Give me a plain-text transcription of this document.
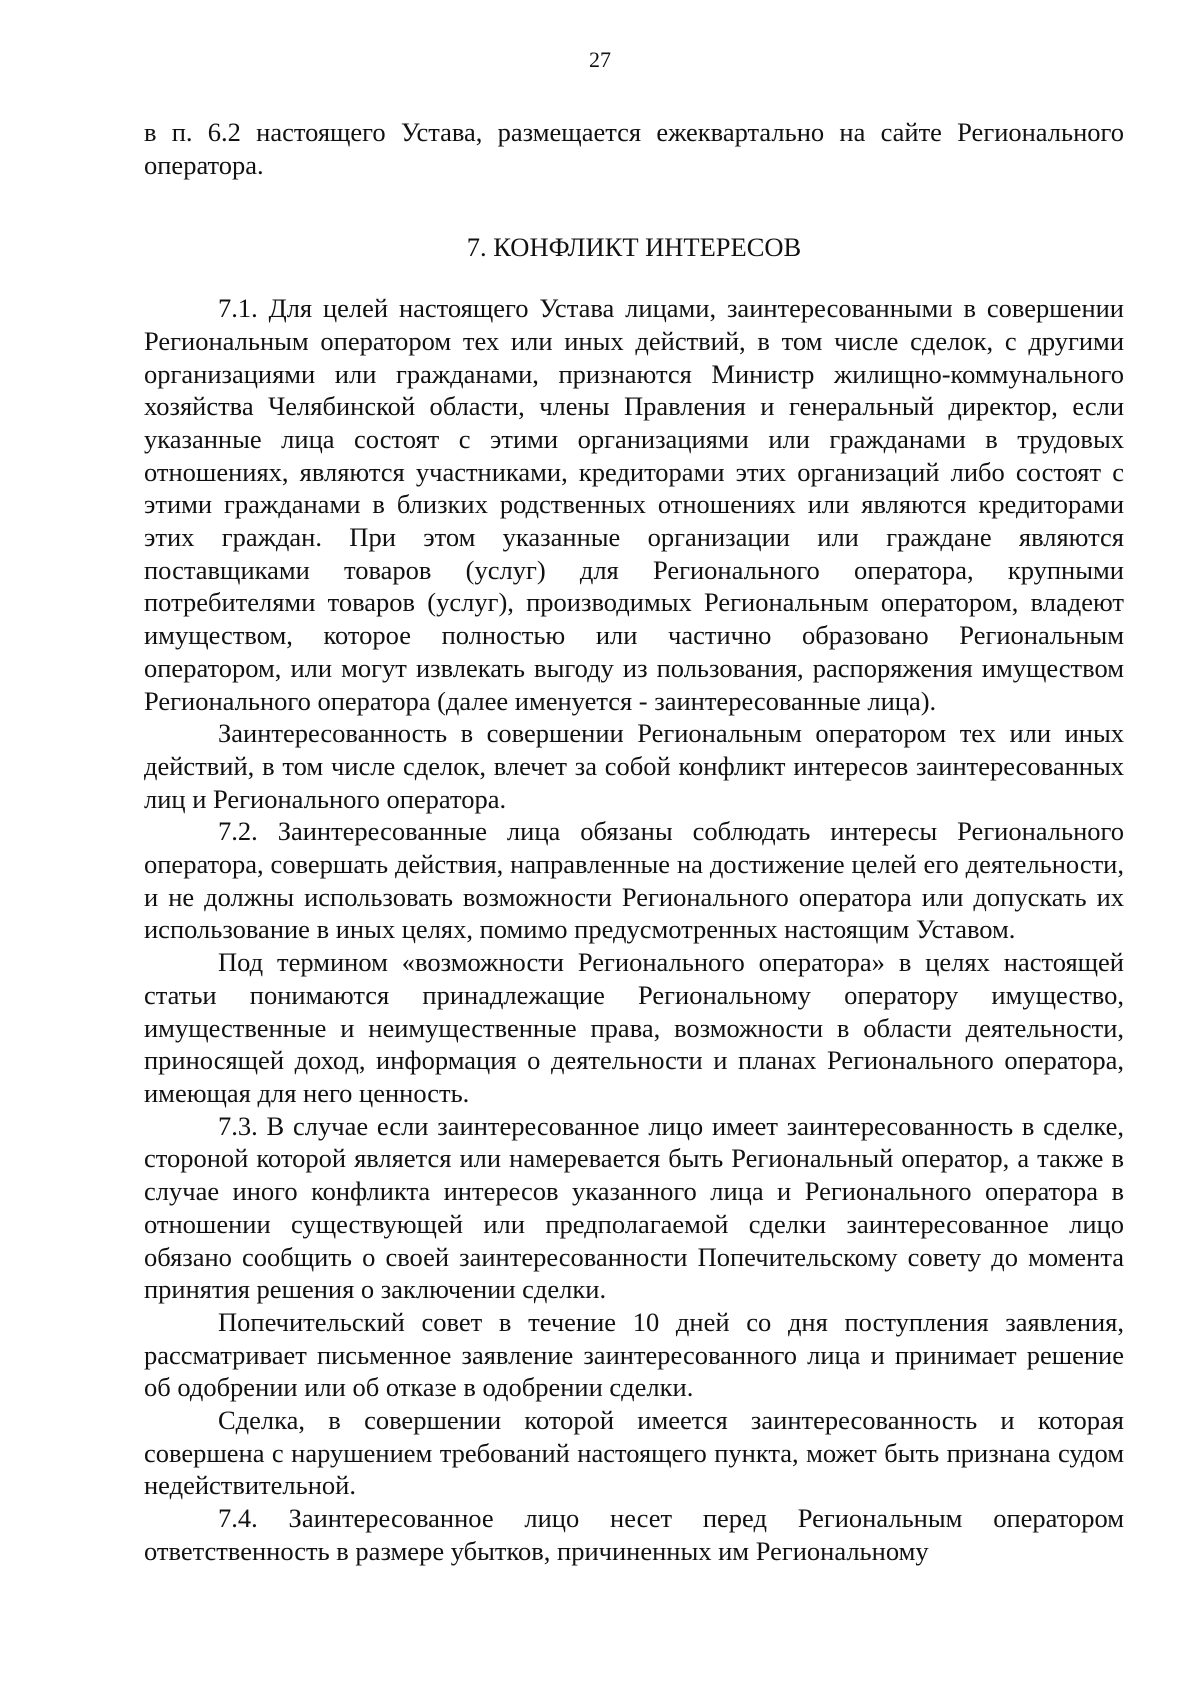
27

в п. 6.2 настоящего Устава, размещается ежеквартально на сайте Регионального оператора.

7. КОНФЛИКТ ИНТЕРЕСОВ

7.1. Для целей настоящего Устава лицами, заинтересованными в совершении Региональным оператором тех или иных действий, в том числе сделок, с другими организациями или гражданами, признаются Министр жилищно-коммунального хозяйства Челябинской области, члены Правления и генеральный директор, если указанные лица состоят с этими организациями или гражданами в трудовых отношениях, являются участниками, кредиторами этих организаций либо состоят с этими гражданами в близких родственных отношениях или являются кредиторами этих граждан. При этом указанные организации или граждане являются поставщиками товаров (услуг) для Регионального оператора, крупными потребителями товаров (услуг), производимых Региональным оператором, владеют имуществом, которое полностью или частично образовано Региональным оператором, или могут извлекать выгоду из пользования, распоряжения имуществом Регионального оператора (далее именуется - заинтересованные лица).

Заинтересованность в совершении Региональным оператором тех или иных действий, в том числе сделок, влечет за собой конфликт интересов заинтересованных лиц и Регионального оператора.

7.2. Заинтересованные лица обязаны соблюдать интересы Регионального оператора, совершать действия, направленные на достижение целей его деятельности, и не должны использовать возможности Регионального оператора или допускать их использование в иных целях, помимо предусмотренных настоящим Уставом.

Под термином «возможности Регионального оператора» в целях настоящей статьи понимаются принадлежащие Региональному оператору имущество, имущественные и неимущественные права, возможности в области деятельности, приносящей доход, информация о деятельности и планах Регионального оператора, имеющая для него ценность.

7.3. В случае если заинтересованное лицо имеет заинтересованность в сделке, стороной которой является или намеревается быть Региональный оператор, а также в случае иного конфликта интересов указанного лица и Регионального оператора в отношении существующей или предполагаемой сделки заинтересованное лицо обязано сообщить о своей заинтересованности Попечительскому совету до момента принятия решения о заключении сделки.

Попечительский совет в течение 10 дней со дня поступления заявления, рассматривает письменное заявление заинтересованного лица и принимает решение об одобрении или об отказе в одобрении сделки.

Сделка, в совершении которой имеется заинтересованность и которая совершена с нарушением требований настоящего пункта, может быть признана судом недействительной.

7.4. Заинтересованное лицо несет перед Региональным оператором ответственность в размере убытков, причиненных им Региональному
